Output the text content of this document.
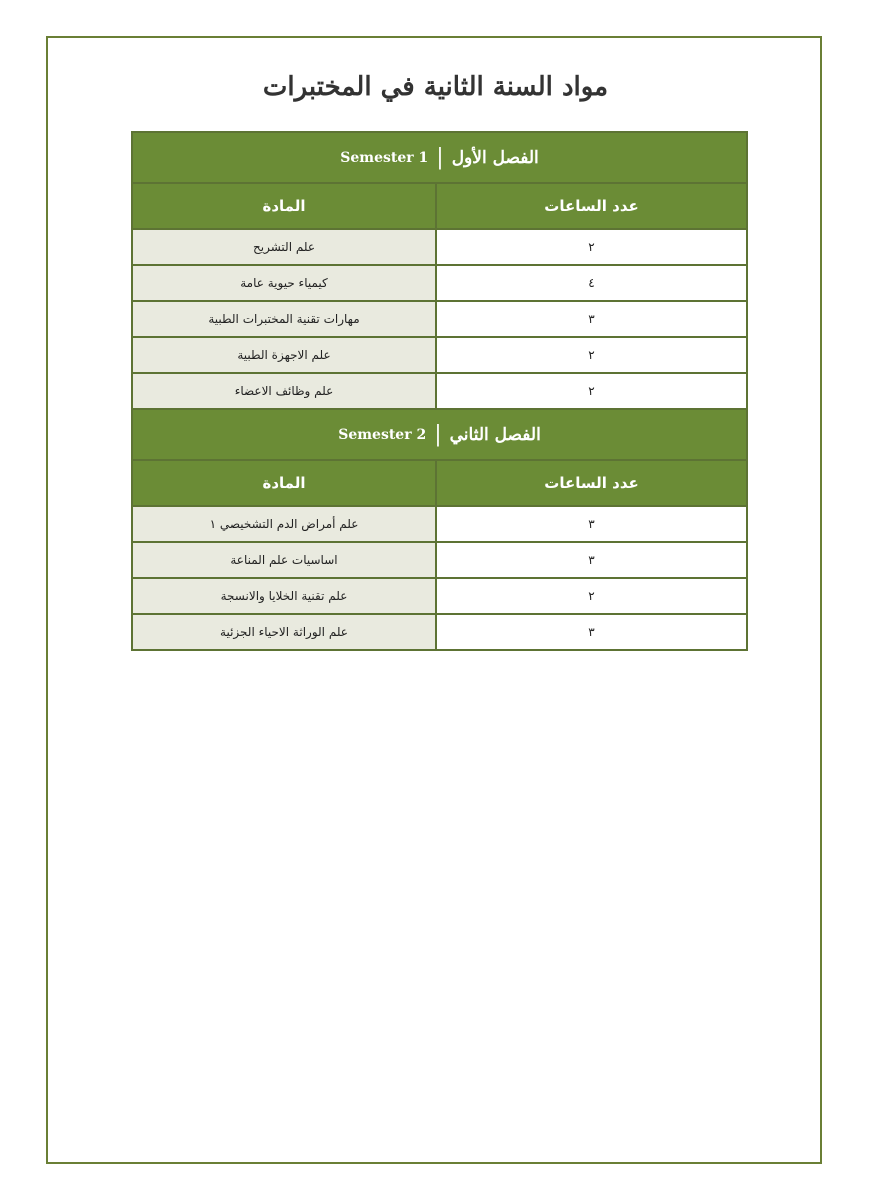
مواد السنة الثانية في المختبرات
Semester 1 | الفصل الأول	

المادة	عدد الساعات
علم التشريح	٢
كيمياء حيوية عامة	٤
مهارات تقنية المختبرات الطبية	٣
علم الاجهزة الطبية	٢
علم وظائف الاعضاء	٢

Semester 2 | الفصل الثاني	

المادة	عدد الساعات
علم أمراض الدم التشخيصي ١	٣
اساسيات علم المناعة	٣
علم تقنية الخلايا والانسجة	٢
علم الوراثة الاحياء الجزئية	٣
